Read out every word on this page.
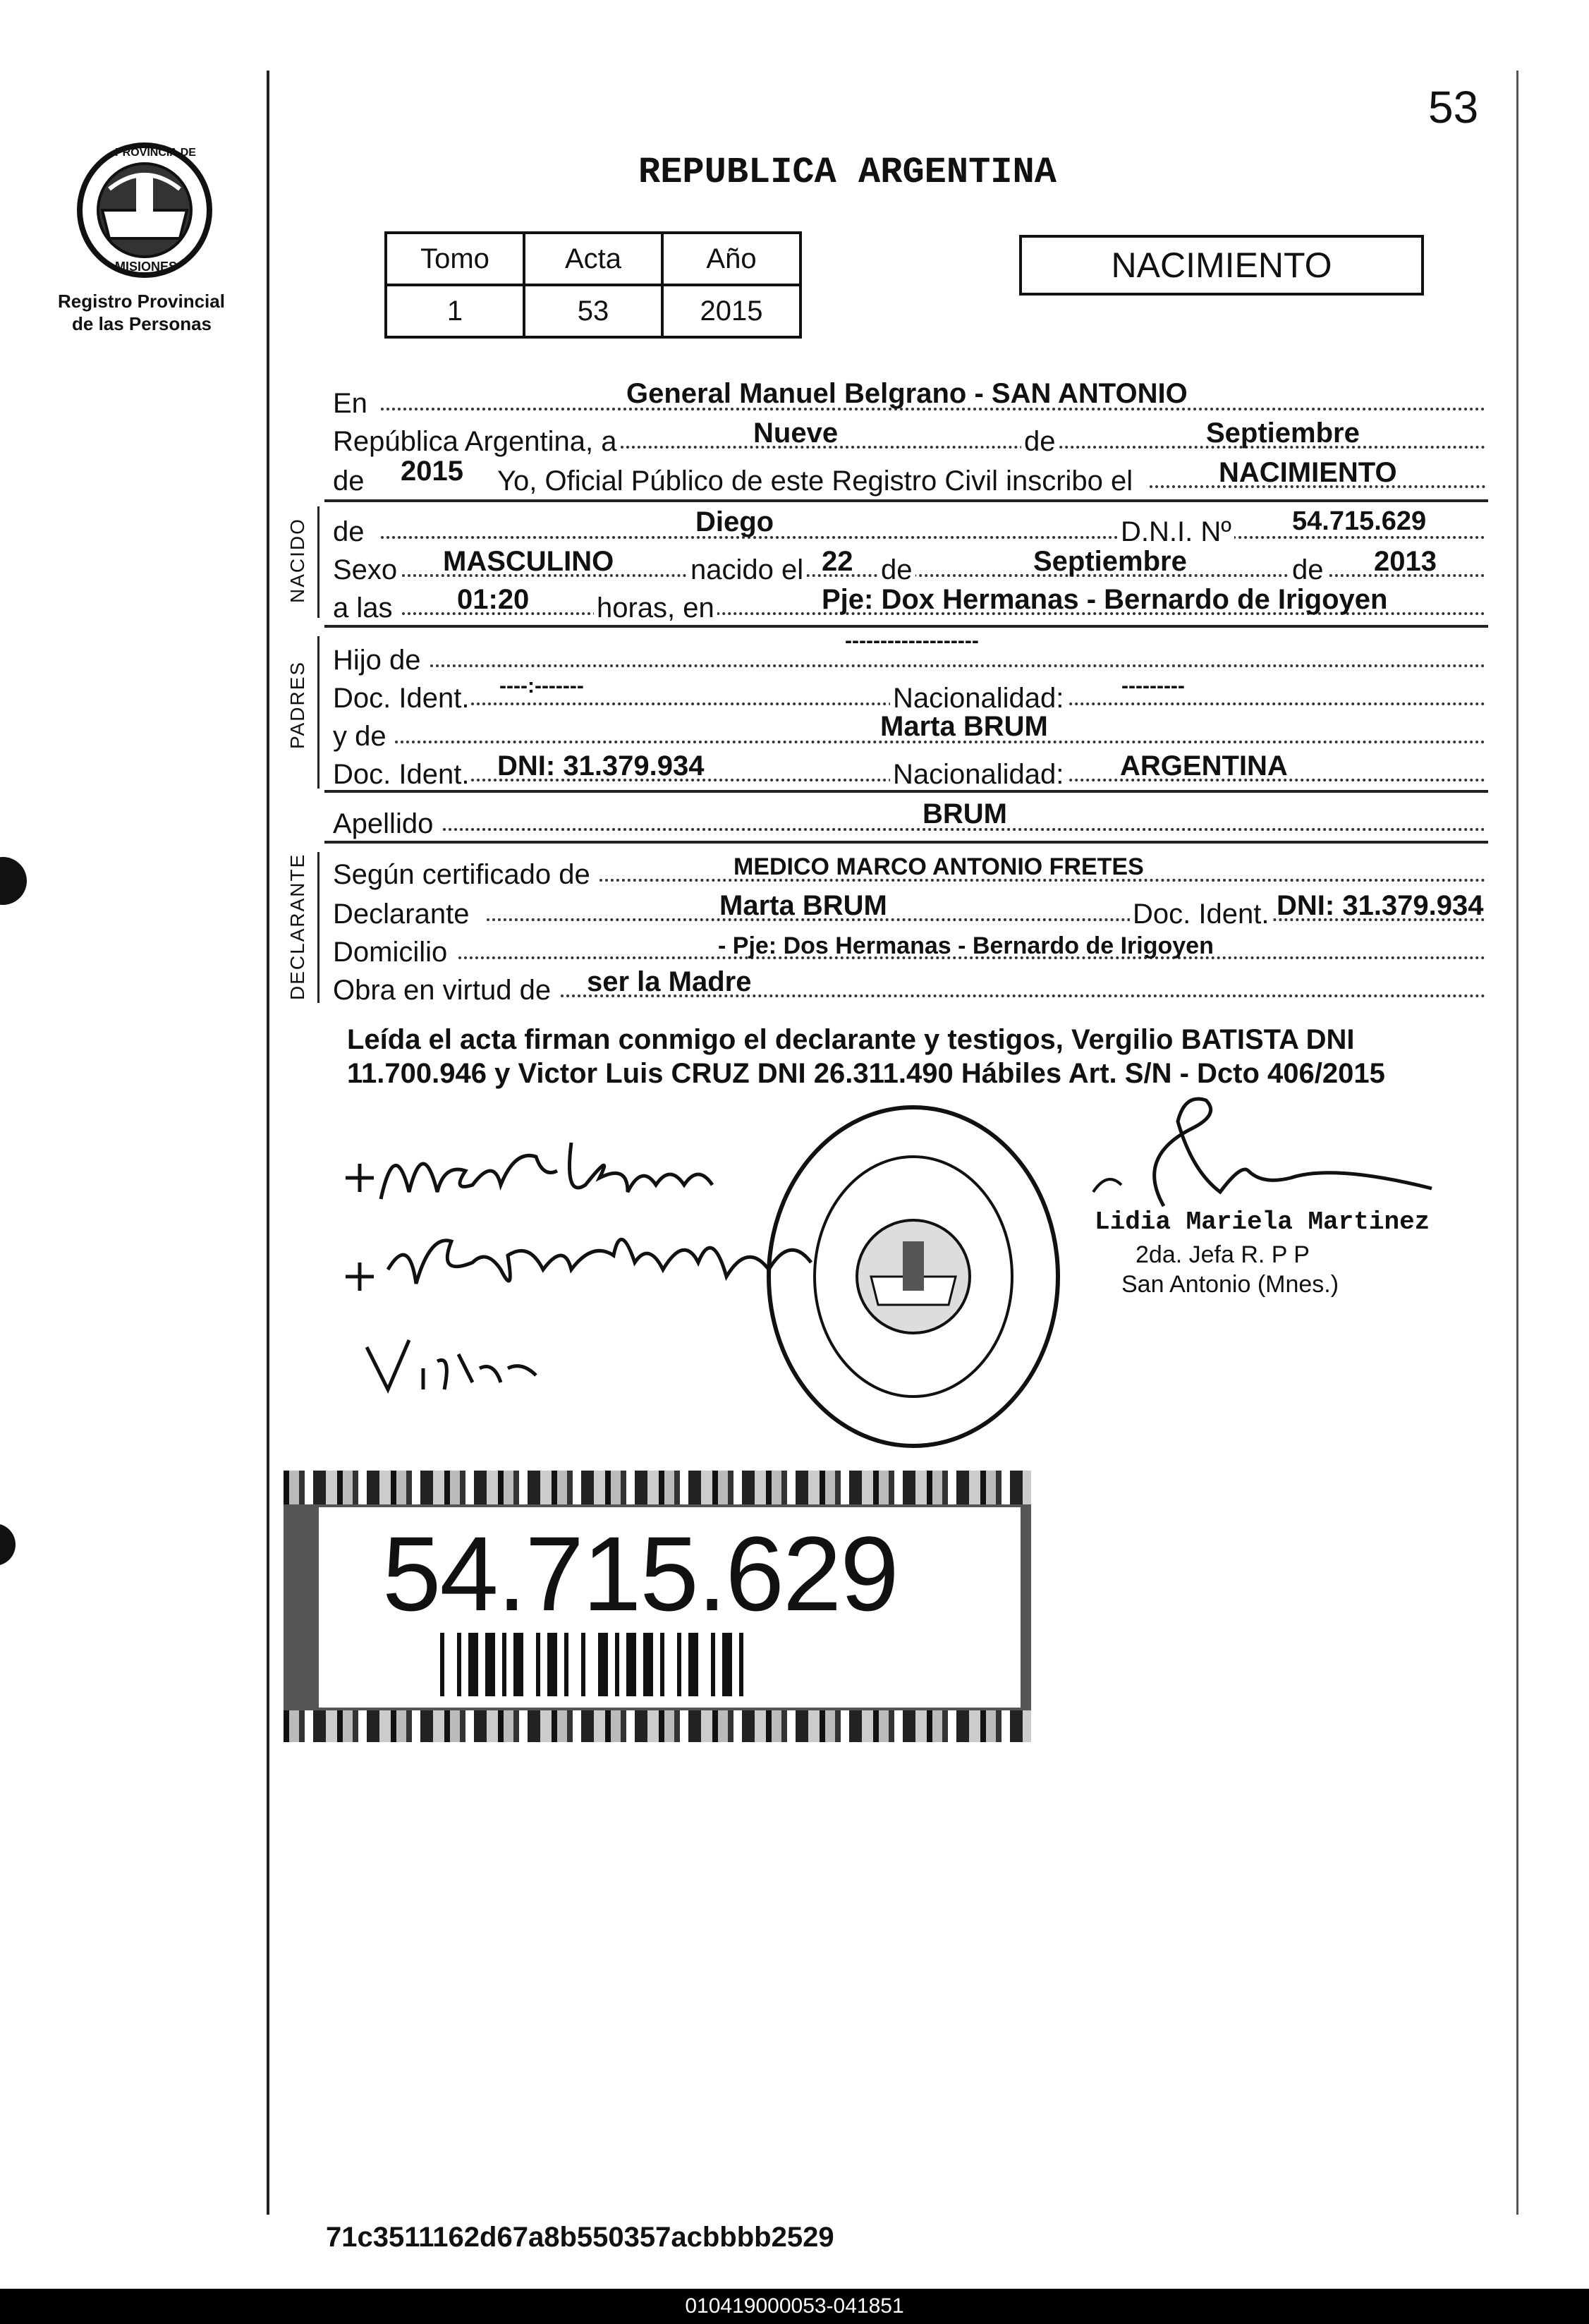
53
PROVINCIA DE
MISIONES
Registro Provincial
de las Personas
REPUBLICA ARGENTINA
Tomo	Acta	Año
1	53	2015
NACIMIENTO
En	General Manuel Belgrano - SAN ANTONIO
República Argentina, a	Nueve	de	Septiembre
de 2015 Yo, Oficial Público de este Registro Civil inscribo el	NACIMIENTO
NACIDO de	Diego	D.N.I. Nº 54.715.629
Sexo MASCULINO	nacido el 22 de	Septiembre	de 2013
a las 01:20 horas, en	Pje: Dox Hermanas - Bernardo de Irigoyen
PADRES
Hijo de
-------------------
Doc. Ident. ----:-------	Nacionalidad:	---------
y de	Marta BRUM
Doc. Ident. DNI: 31.379.934	Nacionalidad: ARGENTINA
Apellido	BRUM
DECLARANTE Según certificado de	MEDICO MARCO ANTONIO FRETES
Declarante	Marta BRUM	Doc. Ident. DNI: 31.379.934
Domicilio	- Pje: Dos Hermanas - Bernardo de Irigoyen
Obra en virtud de ser la Madre
Leída el acta firman conmigo el declarante y testigos, Vergilio BATISTA DNI
11.700.946 y Victor Luis CRUZ DNI 26.311.490 Hábiles Art. S/N - Dcto 406/2015
Lidia Mariela Martinez
2da. Jefa R. P P
San Antonio (Mnes.)
54.715.629
71c3511162d67a8b550357acbbbb2529
010419000053-041851
